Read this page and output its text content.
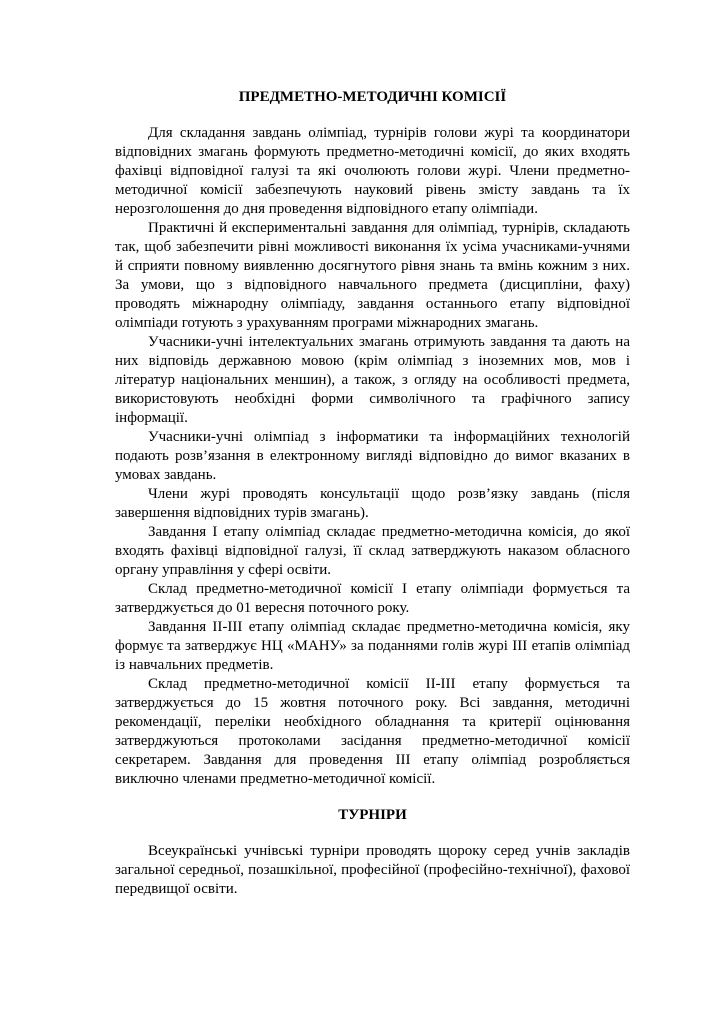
ПРЕДМЕТНО-МЕТОДИЧНІ КОМІСІЇ

Для складання завдань олімпіад, турнірів голови журі та координатори відповідних змагань формують предметно-методичні комісії, до яких входять фахівці відповідної галузі та які очолюють голови журі. Члени предметно-методичної комісії забезпечують науковий рівень змісту завдань та їх нерозголошення до дня проведення відповідного етапу олімпіади.

Практичні й експериментальні завдання для олімпіад, турнірів, складають так, щоб забезпечити рівні можливості виконання їх усіма учасниками-учнями й сприяти повному виявленню досягнутого рівня знань та вмінь кожним з них. За умови, що з відповідного навчального предмета (дисципліни, фаху) проводять міжнародну олімпіаду, завдання останнього етапу відповідної олімпіади готують з урахуванням програми міжнародних змагань.

Учасники-учні інтелектуальних змагань отримують завдання та дають на них відповідь державною мовою (крім олімпіад з іноземних мов, мов і літератур національних меншин), а також, з огляду на особливості предмета, використовують необхідні форми символічного та графічного запису інформації.

Учасники-учні олімпіад з інформатики та інформаційних технологій подають розв’язання в електронному вигляді відповідно до вимог вказаних в умовах завдань.

Члени журі проводять консультації щодо розв’язку завдань (після завершення відповідних турів змагань).

Завдання І етапу олімпіад складає предметно-методична комісія, до якої входять фахівці відповідної галузі, її склад затверджують наказом обласного органу управління у сфері освіти.

Склад предметно-методичної комісії І етапу олімпіади формується та затверджується до 01 вересня поточного року.

Завдання ІІ-ІІІ етапу олімпіад складає предметно-методична комісія, яку формує та затверджує НЦ «МАНУ» за поданнями голів журі ІІІ етапів олімпіад із навчальних предметів.

Склад предметно-методичної комісії ІІ-ІІІ етапу формується та затверджується до 15 жовтня поточного року. Всі завдання, методичні рекомендації, переліки необхідного обладнання та критерії оцінювання затверджуються протоколами засідання предметно-методичної комісії секретарем. Завдання для проведення ІІІ етапу олімпіад розробляється виключно членами предметно-методичної комісії.

ТУРНІРИ

Всеукраїнські учнівські турніри проводять щороку серед учнів закладів загальної середньої, позашкільної, професійної (професійно-технічної), фахової передвищої освіти.
